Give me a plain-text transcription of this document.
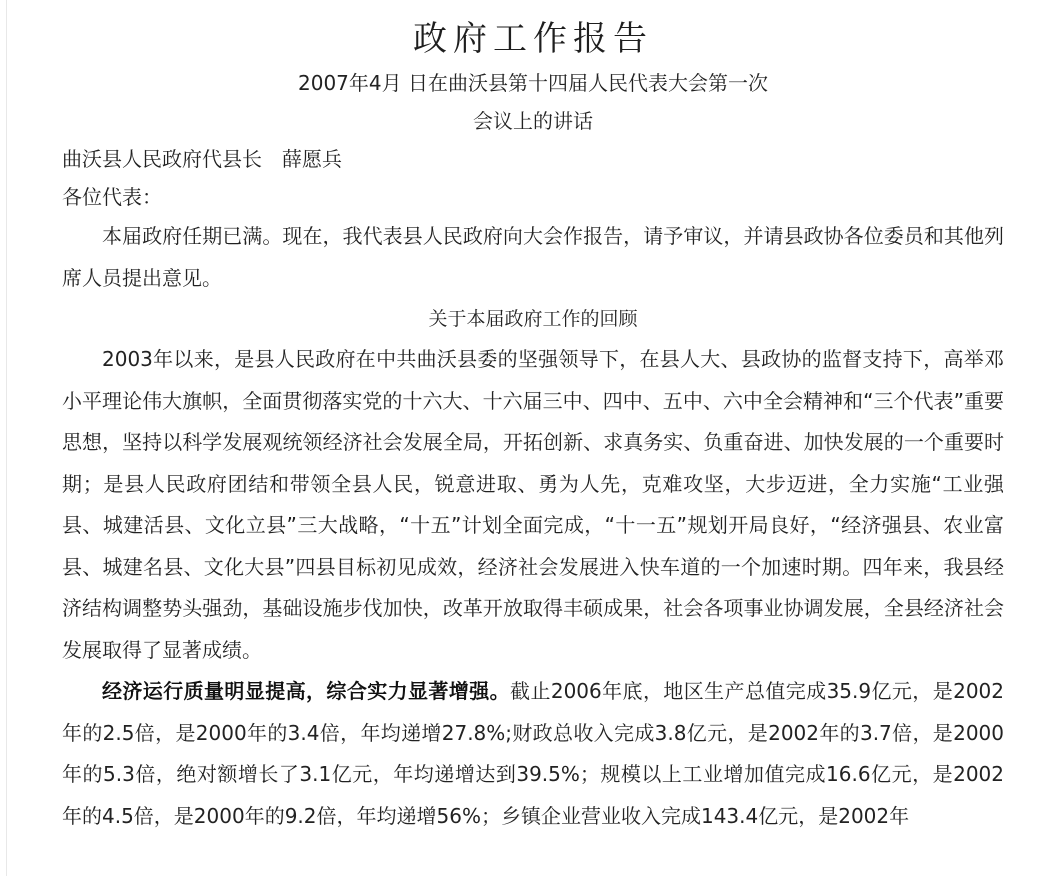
政府工作报告

2007年4月 日在曲沃县第十四届人民代表大会第一次

会议上的讲话

曲沃县人民政府代县长　薛愿兵

各位代表：

本届政府任期已满。现在，我代表县人民政府向大会作报告，请予审议，并请县政协各位委员和其他列席人员提出意见。

关于本届政府工作的回顾

2003年以来，是县人民政府在中共曲沃县委的坚强领导下，在县人大、县政协的监督支持下，高举邓小平理论伟大旗帜，全面贯彻落实党的十六大、十六届三中、四中、五中、六中全会精神和“三个代表”重要思想，坚持以科学发展观统领经济社会发展全局，开拓创新、求真务实、负重奋进、加快发展的一个重要时期；是县人民政府团结和带领全县人民，锐意进取、勇为人先，克难攻坚，大步迈进，全力实施“工业强县、城建活县、文化立县”三大战略，“十五”计划全面完成，“十一五”规划开局良好，“经济强县、农业富县、城建名县、文化大县”四县目标初见成效，经济社会发展进入快车道的一个加速时期。四年来，我县经济结构调整势头强劲，基础设施步伐加快，改革开放取得丰硕成果，社会各项事业协调发展，全县经济社会发展取得了显著成绩。

经济运行质量明显提高，综合实力显著增强。截止2006年底，地区生产总值完成35.9亿元，是2002年的2.5倍，是2000年的3.4倍，年均递增27.8%;财政总收入完成3.8亿元，是2002年的3.7倍，是2000年的5.3倍，绝对额增长了3.1亿元，年均递增达到39.5%；规模以上工业增加值完成16.6亿元，是2002年的4.5倍，是2000年的9.2倍，年均递增56%；乡镇企业营业收入完成143.4亿元，是2002年
